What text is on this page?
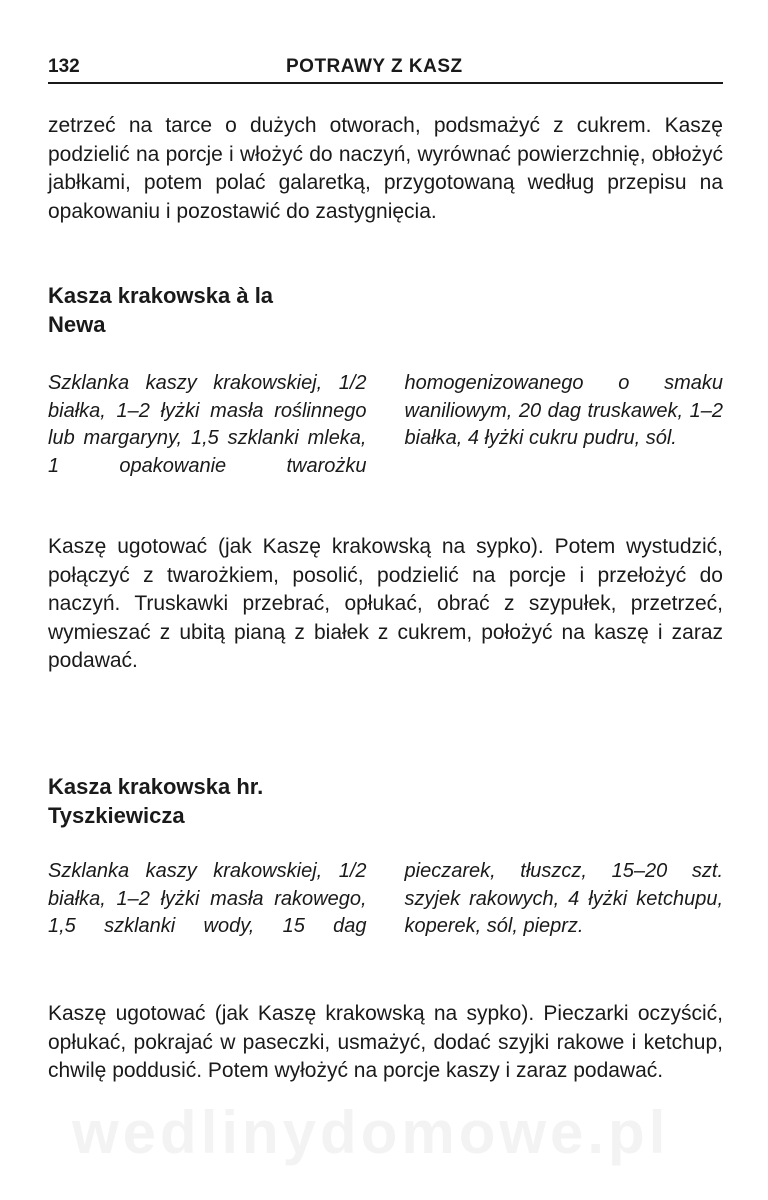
132	POTRAWY Z KASZ

zetrzeć na tarce o dużych otworach, podsmażyć z cukrem. Kaszę podzielić na porcje i włożyć do naczyń, wyrównać powierzchnię, obłożyć jabłkami, potem polać galaretką, przygotowaną według przepisu na opakowaniu i pozostawić do zastygnięcia.

Kasza krakowska à la
Newa
Szklanka kaszy krakowskiej, 1/2 białka, 1–2 łyżki masła roślinnego lub margaryny, 1,5 szklanki mleka, 1 opakowanie twarożku homogenizowanego o smaku waniliowym, 20 dag truskawek, 1–2 białka, 4 łyżki cukru pudru, sól.

Kaszę ugotować (jak Kaszę krakowską na sypko). Potem wystudzić, połączyć z twarożkiem, posolić, podzielić na porcje i przełożyć do naczyń. Truskawki przebrać, opłukać, obrać z szypułek, przetrzeć, wymieszać z ubitą pianą z białek z cukrem, położyć na kaszę i zaraz podawać.

Kasza krakowska hr.
Tyszkiewicza
Szklanka kaszy krakowskiej, 1/2 białka, 1–2 łyżki masła rakowego, 1,5 szklanki wody, 15 dag pieczarek, tłuszcz, 15–20 szt. szyjek rakowych, 4 łyżki ketchupu, koperek, sól, pieprz.

Kaszę ugotować (jak Kaszę krakowską na sypko). Pieczarki oczyścić, opłukać, pokrajać w paseczki, usmażyć, dodać szyjki rakowe i ketchup, chwilę poddusić. Potem wyłożyć na porcje kaszy i zaraz podawać.

wedlinydomowe.pl
